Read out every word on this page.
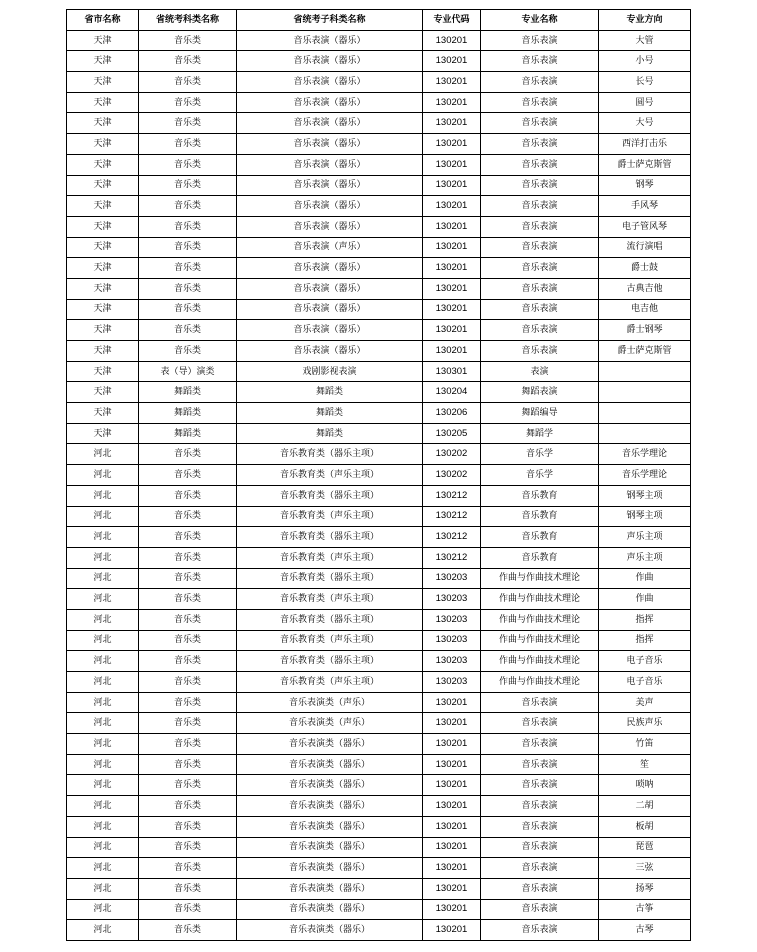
省市名称	省统考科类名称	省统考子科类名称	专业代码	专业名称	专业方向
天津	音乐类	音乐表演（器乐）	130201	音乐表演	大管
天津	音乐类	音乐表演（器乐）	130201	音乐表演	小号
天津	音乐类	音乐表演（器乐）	130201	音乐表演	长号
天津	音乐类	音乐表演（器乐）	130201	音乐表演	圆号
天津	音乐类	音乐表演（器乐）	130201	音乐表演	大号
天津	音乐类	音乐表演（器乐）	130201	音乐表演	西洋打击乐
天津	音乐类	音乐表演（器乐）	130201	音乐表演	爵士萨克斯管
天津	音乐类	音乐表演（器乐）	130201	音乐表演	钢琴
天津	音乐类	音乐表演（器乐）	130201	音乐表演	手风琴
天津	音乐类	音乐表演（器乐）	130201	音乐表演	电子管风琴
天津	音乐类	音乐表演（声乐）	130201	音乐表演	流行演唱
天津	音乐类	音乐表演（器乐）	130201	音乐表演	爵士鼓
天津	音乐类	音乐表演（器乐）	130201	音乐表演	古典吉他
天津	音乐类	音乐表演（器乐）	130201	音乐表演	电吉他
天津	音乐类	音乐表演（器乐）	130201	音乐表演	爵士钢琴
天津	音乐类	音乐表演（器乐）	130201	音乐表演	爵士萨克斯管
天津	表（导）演类	戏剧影视表演	130301	表演	
天津	舞蹈类	舞蹈类	130204	舞蹈表演	
天津	舞蹈类	舞蹈类	130206	舞蹈编导	
天津	舞蹈类	舞蹈类	130205	舞蹈学	
河北	音乐类	音乐教育类（器乐主项）	130202	音乐学	音乐学理论
河北	音乐类	音乐教育类（声乐主项）	130202	音乐学	音乐学理论
河北	音乐类	音乐教育类（器乐主项）	130212	音乐教育	钢琴主项
河北	音乐类	音乐教育类（声乐主项）	130212	音乐教育	钢琴主项
河北	音乐类	音乐教育类（器乐主项）	130212	音乐教育	声乐主项
河北	音乐类	音乐教育类（声乐主项）	130212	音乐教育	声乐主项
河北	音乐类	音乐教育类（器乐主项）	130203	作曲与作曲技术理论	作曲
河北	音乐类	音乐教育类（声乐主项）	130203	作曲与作曲技术理论	作曲
河北	音乐类	音乐教育类（器乐主项）	130203	作曲与作曲技术理论	指挥
河北	音乐类	音乐教育类（声乐主项）	130203	作曲与作曲技术理论	指挥
河北	音乐类	音乐教育类（器乐主项）	130203	作曲与作曲技术理论	电子音乐
河北	音乐类	音乐教育类（声乐主项）	130203	作曲与作曲技术理论	电子音乐
河北	音乐类	音乐表演类（声乐）	130201	音乐表演	美声
河北	音乐类	音乐表演类（声乐）	130201	音乐表演	民族声乐
河北	音乐类	音乐表演类（器乐）	130201	音乐表演	竹笛
河北	音乐类	音乐表演类（器乐）	130201	音乐表演	笙
河北	音乐类	音乐表演类（器乐）	130201	音乐表演	唢呐
河北	音乐类	音乐表演类（器乐）	130201	音乐表演	二胡
河北	音乐类	音乐表演类（器乐）	130201	音乐表演	板胡
河北	音乐类	音乐表演类（器乐）	130201	音乐表演	琵琶
河北	音乐类	音乐表演类（器乐）	130201	音乐表演	三弦
河北	音乐类	音乐表演类（器乐）	130201	音乐表演	扬琴
河北	音乐类	音乐表演类（器乐）	130201	音乐表演	古筝
河北	音乐类	音乐表演类（器乐）	130201	音乐表演	古琴
